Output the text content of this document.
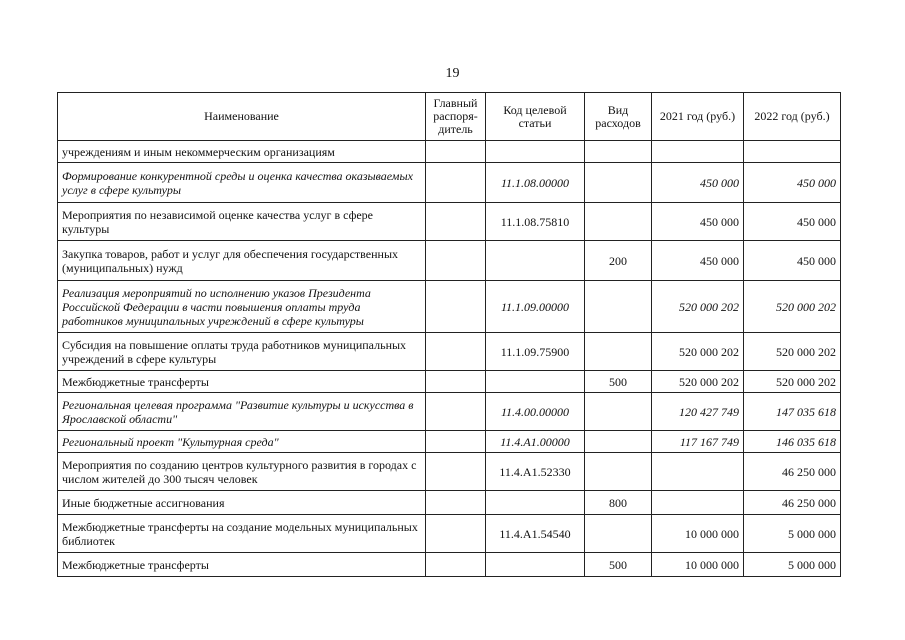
19
Наименование	Главный распоря-дитель	Код целевой статьи	Вид расходов	2021 год (руб.)	2022 год (руб.)
учреждениям и иным некоммерческим организациям					
Формирование конкурентной среды и оценка качества оказываемых услуг в сфере культуры		11.1.08.00000		450 000	450 000
Мероприятия по независимой оценке качества услуг в сфере культуры		11.1.08.75810		450 000	450 000
Закупка товаров, работ и услуг для обеспечения государственных (муниципальных) нужд			200	450 000	450 000
Реализация мероприятий по исполнению указов Президента Российской Федерации в части повышения оплаты труда работников муниципальных учреждений в сфере культуры		11.1.09.00000		520 000 202	520 000 202
Субсидия на повышение оплаты труда работников муниципальных учреждений в сфере культуры		11.1.09.75900		520 000 202	520 000 202
Межбюджетные трансферты			500	520 000 202	520 000 202
Региональная целевая программа "Развитие культуры и искусства в Ярославской области"		11.4.00.00000		120 427 749	147 035 618
Региональный проект "Культурная среда"		11.4.A1.00000		117 167 749	146 035 618
Мероприятия по созданию центров культурного развития в городах с числом жителей до 300 тысяч человек		11.4.A1.52330			46 250 000
Иные бюджетные ассигнования			800		46 250 000
Межбюджетные трансферты на создание модельных муниципальных библиотек		11.4.A1.54540		10 000 000	5 000 000
Межбюджетные трансферты			500	10 000 000	5 000 000
